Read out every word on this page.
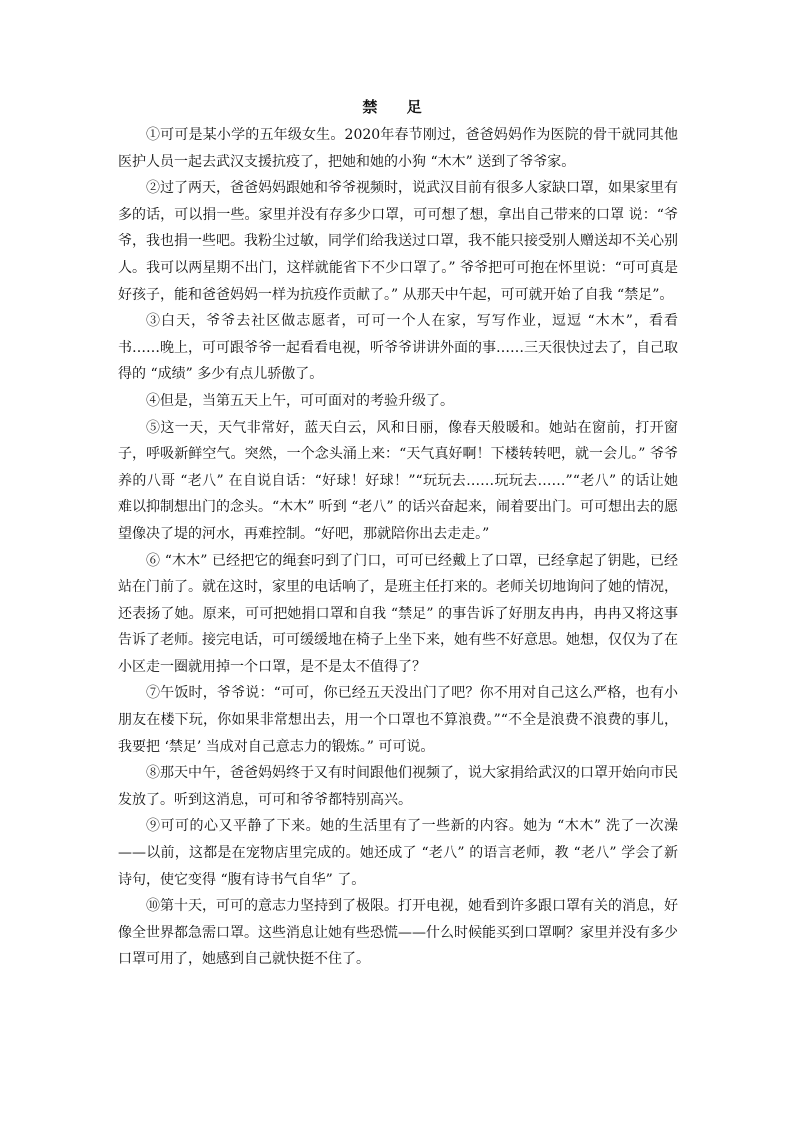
禁 足

①可可是某小学的五年级女生。2020年春节刚过，爸爸妈妈作为医院的骨干就同其他医护人员一起去武汉支援抗疫了，把她和她的小狗 “木木” 送到了爷爷家。

②过了两天，爸爸妈妈跟她和爷爷视频时，说武汉目前有很多人家缺口罩，如果家里有多的话，可以捐一些。家里并没有存多少口罩，可可想了想，拿出自己带来的口罩 说：“爷爷，我也捐一些吧。我粉尘过敏，同学们给我送过口罩，我不能只接受别人赠送却不关心别人。我可以两星期不出门，这样就能省下不少口罩了。” 爷爷把可可抱在怀里说：“可可真是好孩子，能和爸爸妈妈一样为抗疫作贡献了。” 从那天中午起，可可就开始了自我 “禁足”。

③白天，爷爷去社区做志愿者，可可一个人在家，写写作业，逗逗 “木木”，看看书……晚上，可可跟爷爷一起看看电视，听爷爷讲讲外面的事……三天很快过去了，自己取得的 “成绩” 多少有点儿骄傲了。

④但是，当第五天上午，可可面对的考验升级了。

⑤这一天，天气非常好，蓝天白云，风和日丽，像春天般暖和。她站在窗前，打开窗子，呼吸新鲜空气。突然，一个念头涌上来：“天气真好啊！下楼转转吧，就一会儿。” 爷爷养的八哥 “老八” 在自说自话：“好球！好球！”“玩玩去……玩玩去……”“老八” 的话让她难以抑制想出门的念头。“木木” 听到 “老八” 的话兴奋起来，闹着要出门。可可想出去的愿望像决了堤的河水，再难控制。“好吧，那就陪你出去走走。”

⑥ “木木” 已经把它的绳套叼到了门口，可可已经戴上了口罩，已经拿起了钥匙，已经站在门前了。就在这时，家里的电话响了，是班主任打来的。老师关切地询问了她的情况，还表扬了她。原来，可可把她捐口罩和自我 “禁足” 的事告诉了好朋友冉冉，冉冉又将这事告诉了老师。接完电话，可可缓缓地在椅子上坐下来，她有些不好意思。她想，仅仅为了在小区走一圈就用掉一个口罩，是不是太不值得了？

⑦午饭时，爷爷说：“可可，你已经五天没出门了吧？你不用对自己这么严格，也有小朋友在楼下玩，你如果非常想出去，用一个口罩也不算浪费。”“不全是浪费不浪费的事儿，我要把 ‘禁足’ 当成对自己意志力的锻炼。” 可可说。

⑧那天中午，爸爸妈妈终于又有时间跟他们视频了，说大家捐给武汉的口罩开始向市民发放了。听到这消息，可可和爷爷都特别高兴。

⑨可可的心又平静了下来。她的生活里有了一些新的内容。她为 “木木” 洗了一次澡——以前，这都是在宠物店里完成的。她还成了 “老八” 的语言老师，教 “老八” 学会了新诗句，使它变得 “腹有诗书气自华” 了。

⑩第十天，可可的意志力坚持到了极限。打开电视，她看到许多跟口罩有关的消息，好像全世界都急需口罩。这些消息让她有些恐慌——什么时候能买到口罩啊？家里并没有多少口罩可用了，她感到自己就快挺不住了。
